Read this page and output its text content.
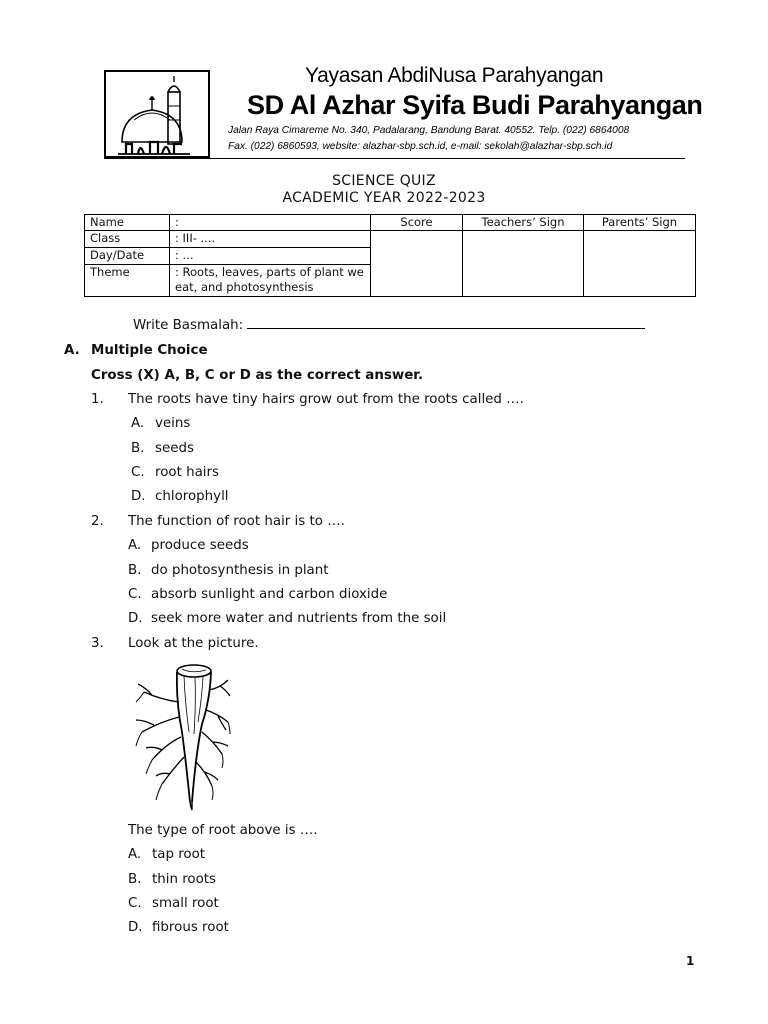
Yayasan AbdiNusa Parahyangan
SD Al Azhar Syifa Budi Parahyangan
Jalan Raya Cimareme No. 340, Padalarang, Bandung Barat. 40552. Telp. (022) 6864008
Fax. (022) 6860593, website: alazhar-sbp.sch.id, e-mail: sekolah@alazhar-sbp.sch.id
SCIENCE QUIZ
ACADEMIC YEAR 2022-2023
Name	:	Score	Teachers’ Sign	Parents’ Sign
Class	: III- ....			
Day/Date	: ...			
Theme	: Roots, leaves, parts of plant we eat, and photosynthesis			
Write Basmalah:
A. Multiple Choice
Cross (X) A, B, C or D as the correct answer.
1. The roots have tiny hairs grow out from the roots called ….
A. veins
B. seeds
C. root hairs
D. chlorophyll
2. The function of root hair is to ….
A. produce seeds
B. do photosynthesis in plant
C. absorb sunlight and carbon dioxide
D. seek more water and nutrients from the soil
3. Look at the picture.
The type of root above is ….
A. tap root
B. thin roots
C. small root
D. fibrous root
1
